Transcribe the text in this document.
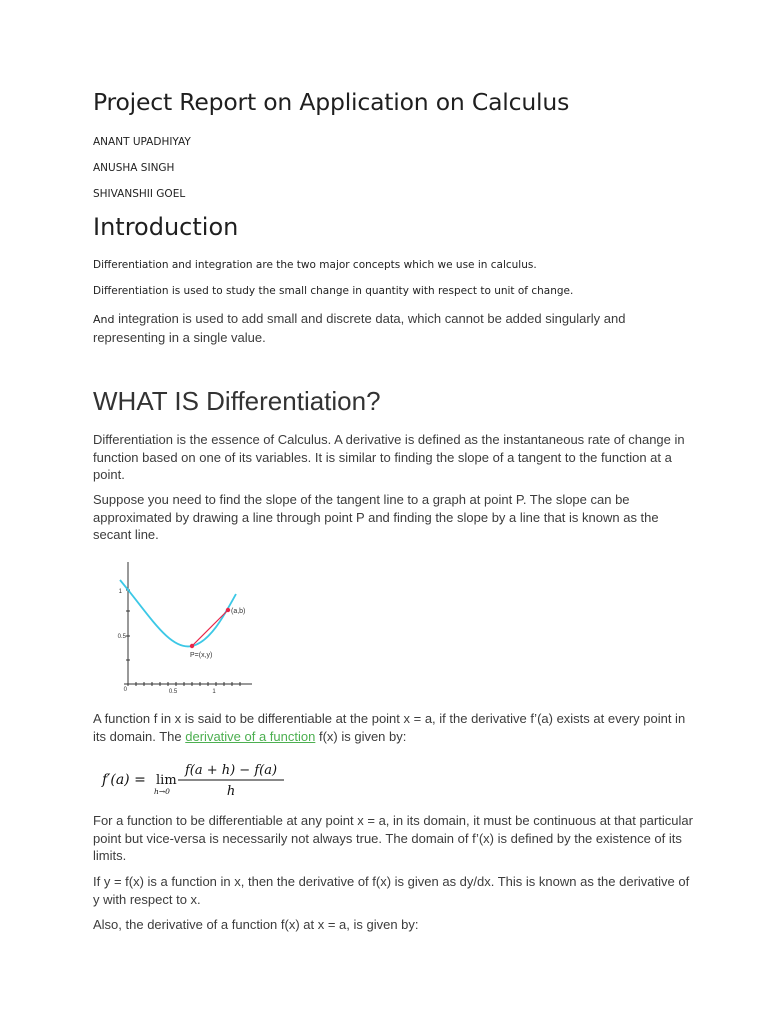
Project Report on Application on Calculus

ANANT UPADHIYAY

ANUSHA SINGH

SHIVANSHII GOEL

Introduction

Differentiation and integration are the two major concepts which we use in calculus.

Differentiation is used to study the small change in quantity with respect to unit of change.

And integration is used to add small and discrete data, which cannot be added singularly and representing in a single value.

WHAT IS Differentiation?

Differentiation is the essence of Calculus. A derivative is defined as the instantaneous rate of change in function based on one of its variables. It is similar to finding the slope of a tangent to the function at a point.

Suppose you need to find the slope of the tangent line to a graph at point P. The slope can be approximated by drawing a line through point P and finding the slope by a line that is known as the secant line.

1
0.5
0	0.5	1
P=(x,y)
(a,b)

A function f in x is said to be differentiable at the point x = a, if the derivative f’(a) exists at every point in its domain. The derivative of a function f(x) is given by:

f′(a) = lim
h→0
f(a + h) − f(a)
h

For a function to be differentiable at any point x = a, in its domain, it must be continuous at that particular point but vice-versa is necessarily not always true. The domain of f’(x) is defined by the existence of its limits.

If y = f(x) is a function in x, then the derivative of f(x) is given as dy/dx. This is known as the derivative of y with respect to x.

Also, the derivative of a function f(x) at x = a, is given by:
